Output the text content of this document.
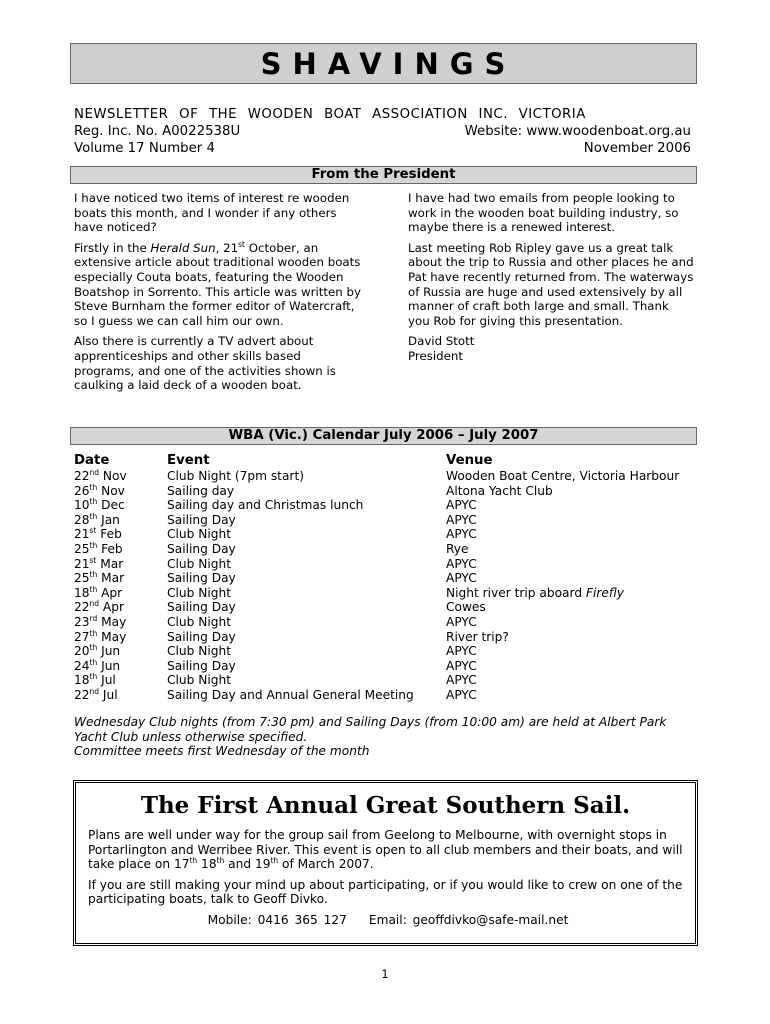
SHAVINGS
NEWSLETTER OF THE WOODEN BOAT ASSOCIATION INC. VICTORIA
Reg. Inc. No. A0022538U	Website: www.woodenboat.org.au
Volume 17 Number 4	November 2006
From the President

I have noticed two items of interest re wooden boats this month, and I wonder if any others have noticed?

Firstly in the Herald Sun, 21st October, an extensive article about traditional wooden boats especially Couta boats, featuring the Wooden Boatshop in Sorrento. This article was written by Steve Burnham the former editor of Watercraft, so I guess we can call him our own.

Also there is currently a TV advert about apprenticeships and other skills based programs, and one of the activities shown is caulking a laid deck of a wooden boat.

I have had two emails from people looking to work in the wooden boat building industry, so maybe there is a renewed interest.

Last meeting Rob Ripley gave us a great talk about the trip to Russia and other places he and Pat have recently returned from. The waterways of Russia are huge and used extensively by all manner of craft both large and small. Thank you Rob for giving this presentation.

David Stott

President

WBA (Vic.) Calendar July 2006 – July 2007
Date	Event	Venue
22nd Nov	Club Night (7pm start)	Wooden Boat Centre, Victoria Harbour
26th Nov	Sailing day	Altona Yacht Club
10th Dec	Sailing day and Christmas lunch	APYC
28th Jan	Sailing Day	APYC
21st Feb	Club Night	APYC
25th Feb	Sailing Day	Rye
21st Mar	Club Night	APYC
25th Mar	Sailing Day	APYC
18th Apr	Club Night	Night river trip aboard Firefly
22nd Apr	Sailing Day	Cowes
23rd May	Club Night	APYC
27th May	Sailing Day	River trip?
20th Jun	Club Night	APYC
24th Jun	Sailing Day	APYC
18th Jul	Club Night	APYC
22nd Jul	Sailing Day and Annual General Meeting	APYC
Wednesday Club nights (from 7:30 pm) and Sailing Days (from 10:00 am) are held at Albert Park Yacht Club unless otherwise specified.
Committee meets first Wednesday of the month
The First Annual Great Southern Sail.

Plans are well under way for the group sail from Geelong to Melbourne, with overnight stops in Portarlington and Werribee River. This event is open to all club members and their boats, and will take place on 17th 18th and 19th of March 2007.

If you are still making your mind up about participating, or if you would like to crew on one of the participating boats, talk to Geoff Divko.

Mobile: 0416 365 127 Email: geoffdivko@safe-mail.net

1
